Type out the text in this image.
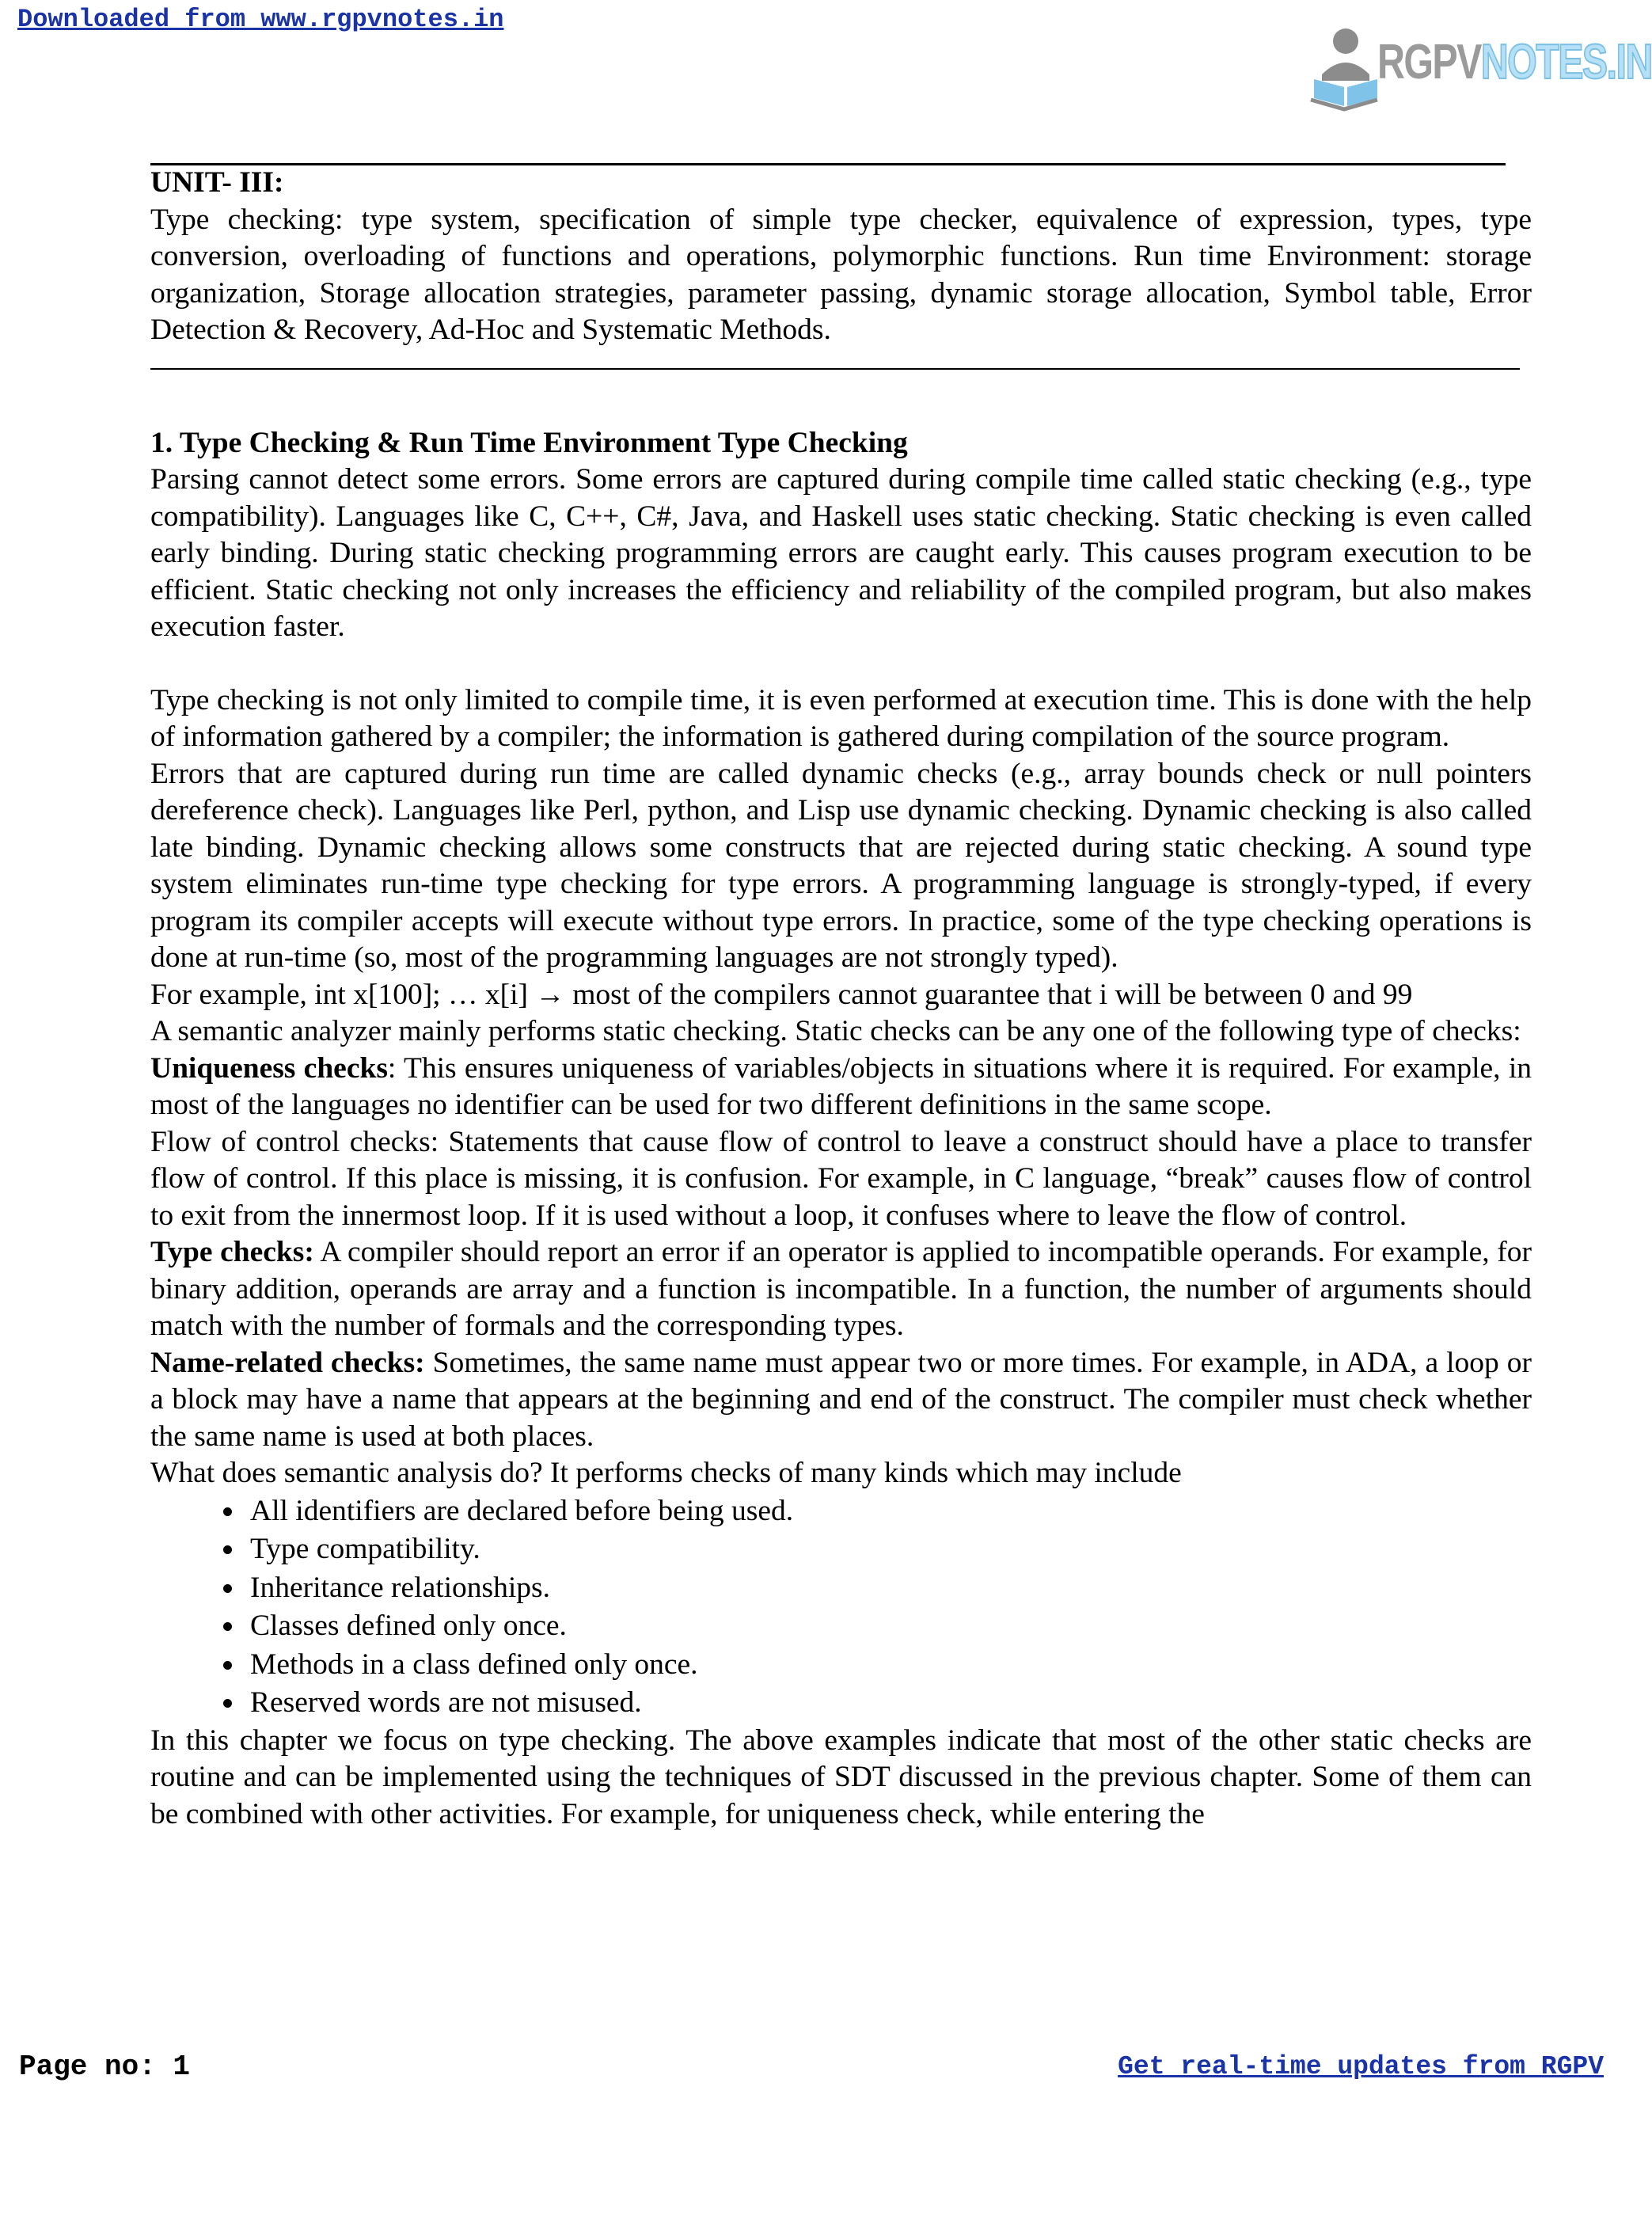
Downloaded from www.rgpvnotes.in
RGPVNOTES.IN

UNIT- III:

Type checking: type system, specification of simple type checker, equivalence of expression, types, type conversion, overloading of functions and operations, polymorphic functions. Run time Environment: storage organization, Storage allocation strategies, parameter passing, dynamic storage allocation, Symbol table, Error Detection & Recovery, Ad-Hoc and Systematic Methods.

1. Type Checking & Run Time Environment Type Checking

Parsing cannot detect some errors. Some errors are captured during compile time called static checking (e.g., type compatibility). Languages like C, C++, C#, Java, and Haskell uses static checking. Static checking is even called early binding. During static checking programming errors are caught early. This causes program execution to be efficient. Static checking not only increases the efficiency and reliability of the compiled program, but also makes execution faster.

Type checking is not only limited to compile time, it is even performed at execution time. This is done with the help of information gathered by a compiler; the information is gathered during compilation of the source program.

Errors that are captured during run time are called dynamic checks (e.g., array bounds check or null pointers dereference check). Languages like Perl, python, and Lisp use dynamic checking. Dynamic checking is also called late binding. Dynamic checking allows some constructs that are rejected during static checking. A sound type system eliminates run-time type checking for type errors. A programming language is strongly-typed, if every program its compiler accepts will execute without type errors. In practice, some of the type checking operations is done at run-time (so, most of the programming languages are not strongly typed).

For example, int x[100]; … x[i] → most of the compilers cannot guarantee that i will be between 0 and 99

A semantic analyzer mainly performs static checking. Static checks can be any one of the following type of checks:

Uniqueness checks: This ensures uniqueness of variables/objects in situations where it is required. For example, in most of the languages no identifier can be used for two different definitions in the same scope.

Flow of control checks: Statements that cause flow of control to leave a construct should have a place to transfer flow of control. If this place is missing, it is confusion. For example, in C language, “break” causes flow of control to exit from the innermost loop. If it is used without a loop, it confuses where to leave the flow of control.

Type checks: A compiler should report an error if an operator is applied to incompatible operands. For example, for binary addition, operands are array and a function is incompatible. In a function, the number of arguments should match with the number of formals and the corresponding types.

Name-related checks: Sometimes, the same name must appear two or more times. For example, in ADA, a loop or a block may have a name that appears at the beginning and end of the construct. The compiler must check whether the same name is used at both places.

What does semantic analysis do? It performs checks of many kinds which may include

• All identifiers are declared before being used.
• Type compatibility.
• Inheritance relationships.
• Classes defined only once.
• Methods in a class defined only once.
• Reserved words are not misused.

In this chapter we focus on type checking. The above examples indicate that most of the other static checks are routine and can be implemented using the techniques of SDT discussed in the previous chapter. Some of them can be combined with other activities. For example, for uniqueness check, while entering the

Page no: 1	Get real-time updates from RGPV
